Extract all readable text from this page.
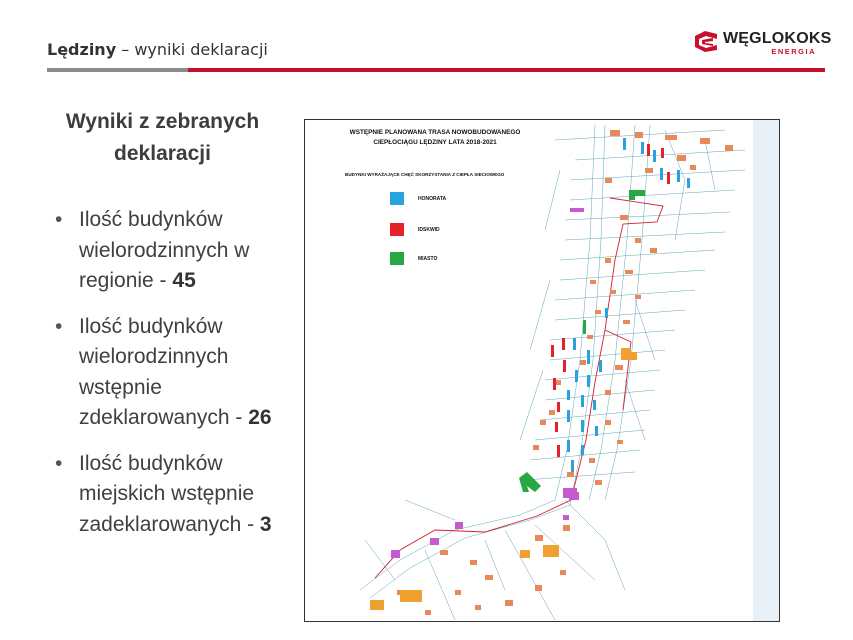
Lędziny – wyniki deklaracji
WĘGLOKOKS
ENERGIA
Wyniki z zebranych deklaracji
• Ilość budynków wielorodzinnych w regionie - 45
• Ilość budynków wielorodzinnych wstępnie zdeklarowanych - 26
• Ilość budynków miejskich wstępnie zadeklarowanych - 3
WSTĘPNIE PLANOWANA TRASA NOWOBUDOWANEGO
CIEPŁOCIĄGU LĘDZINY LATA 2018-2021
BUDYNKI WYRAŻAJĄCE CHĘĆ SKORZYSTANIA Z CIEPŁA SIECIOWEGO
HONORATA
IDSKWID
MIASTO
